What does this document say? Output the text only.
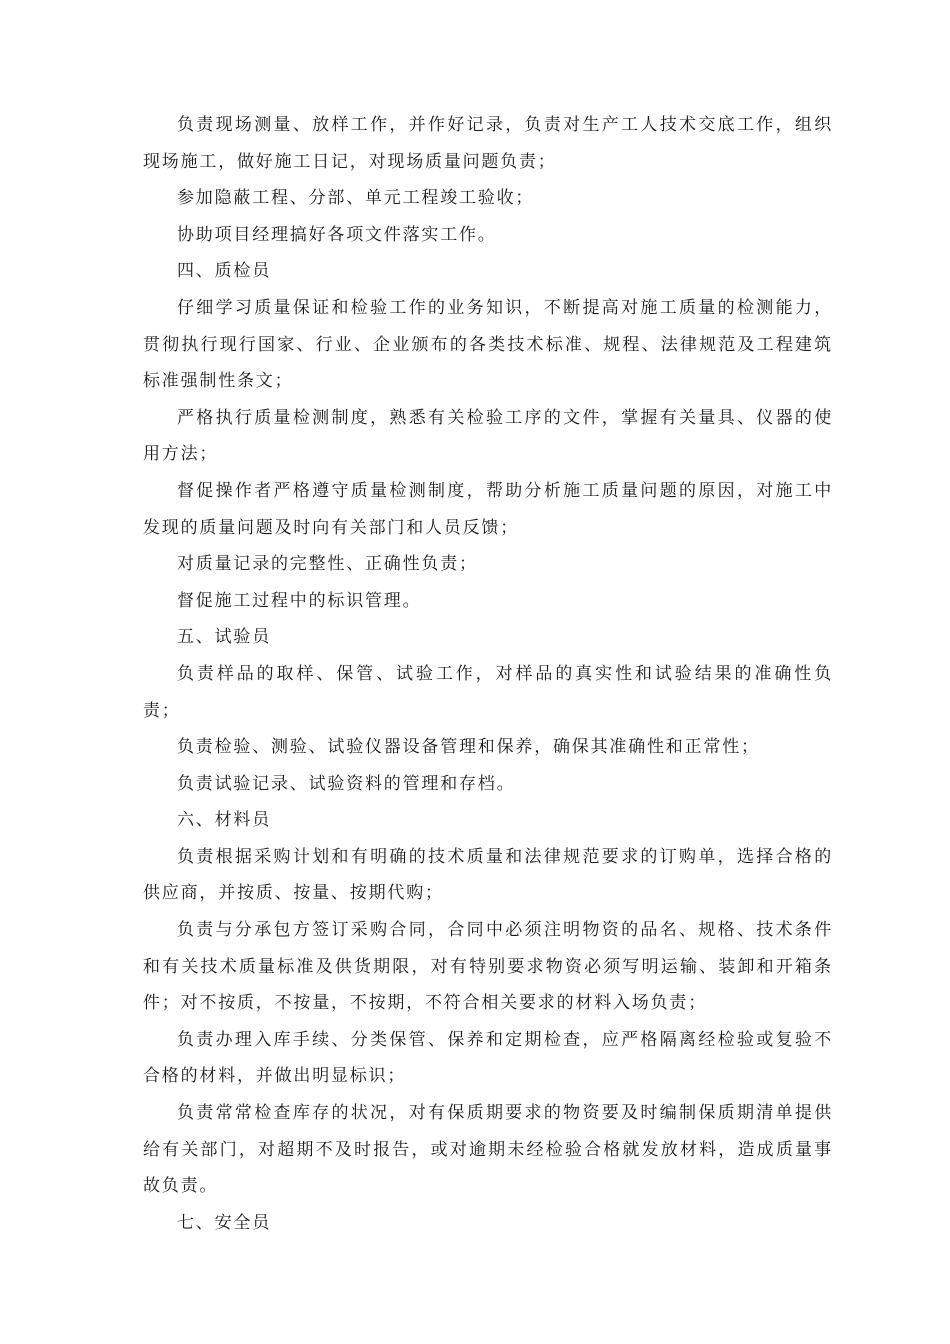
负责现场测量、放样工作，并作好记录，负责对生产工人技术交底工作，组织现场施工，做好施工日记，对现场质量问题负责；

参加隐蔽工程、分部、单元工程竣工验收；

协助项目经理搞好各项文件落实工作。

四、质检员

仔细学习质量保证和检验工作的业务知识，不断提高对施工质量的检测能力，贯彻执行现行国家、行业、企业颁布的各类技术标准、规程、法律规范及工程建筑标准强制性条文；

严格执行质量检测制度，熟悉有关检验工序的文件，掌握有关量具、仪器的使用方法；

督促操作者严格遵守质量检测制度，帮助分析施工质量问题的原因，对施工中发现的质量问题及时向有关部门和人员反馈；

对质量记录的完整性、正确性负责；

督促施工过程中的标识管理。

五、试验员

负责样品的取样、保管、试验工作，对样品的真实性和试验结果的准确性负责；

负责检验、测验、试验仪器设备管理和保养，确保其准确性和正常性；

负责试验记录、试验资料的管理和存档。

六、材料员

负责根据采购计划和有明确的技术质量和法律规范要求的订购单，选择合格的供应商，并按质、按量、按期代购；

负责与分承包方签订采购合同，合同中必须注明物资的品名、规格、技术条件和有关技术质量标准及供货期限，对有特别要求物资必须写明运输、装卸和开箱条件；对不按质，不按量，不按期，不符合相关要求的材料入场负责；

负责办理入库手续、分类保管、保养和定期检查，应严格隔离经检验或复验不合格的材料，并做出明显标识；

负责常常检查库存的状况，对有保质期要求的物资要及时编制保质期清单提供给有关部门，对超期不及时报告，或对逾期未经检验合格就发放材料，造成质量事故负责。

七、安全员
